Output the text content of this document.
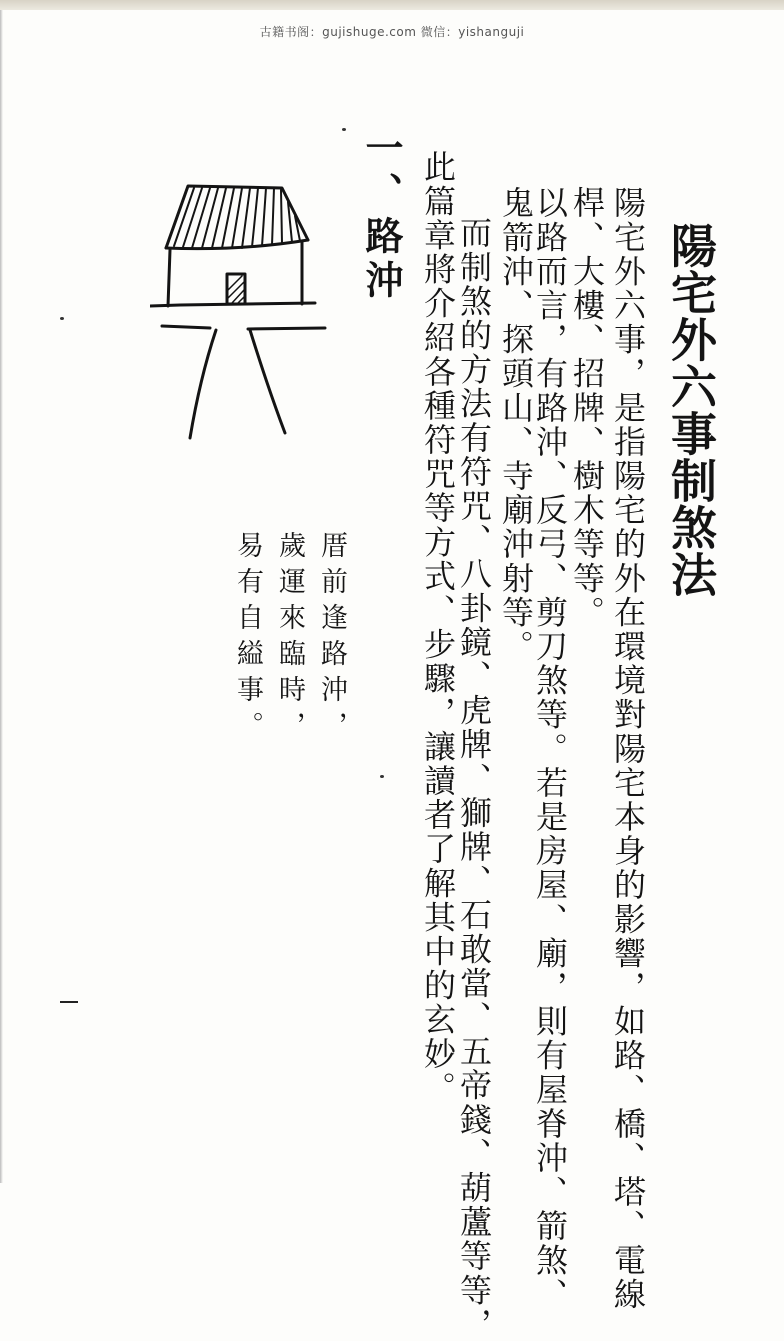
古籍书阁：gujishuge.com 微信：yishanguji
陽宅外六事制煞法
陽宅外六事，是指陽宅的外在環境對陽宅本身的影響，如路、橋、塔、電線
桿、大樓、招牌、樹木等等。
以路而言，有路沖、反弓、剪刀煞等。若是房屋、廟，則有屋脊沖、箭煞、
鬼箭沖、探頭山、寺廟沖射等。
而制煞的方法有符咒、八卦鏡、虎牌、獅牌、石敢當、五帝錢、葫蘆等等，
此篇章將介紹各種符咒等方式、步驟，讓讀者了解其中的玄妙。
一、路沖
厝前逢路沖，
歲運來臨時，
易有自縊事。
